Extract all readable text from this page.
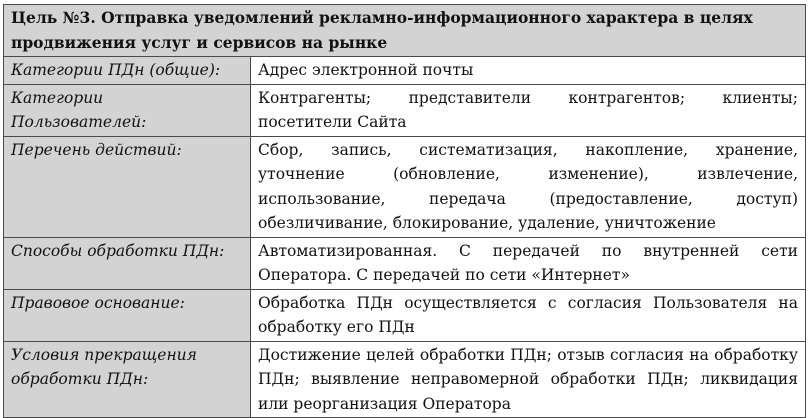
Цель №3. Отправка уведомлений рекламно-информационного характера в целях продвижения услуг и сервисов на рынке	
Категории ПДн (общие):	Адрес электронной почты
Категории Пользователей:	Контрагенты; представители контрагентов; клиенты; посетители Сайта
Перечень действий:	Сбор, запись, систематизация, накопление, хранение, уточнение (обновление, изменение), извлечение, использование, передача (предоставление, доступ) обезличивание, блокирование, удаление, уничтожение
Способы обработки ПДн:	Автоматизированная. С передачей по внутренней сети Оператора. С передачей по сети «Интернет»
Правовое основание:	Обработка ПДн осуществляется с согласия Пользователя на обработку его ПДн
Условия прекращения обработки ПДн:	Достижение целей обработки ПДн; отзыв согласия на обработку ПДн; выявление неправомерной обработки ПДн; ликвидация или реорганизация Оператора
